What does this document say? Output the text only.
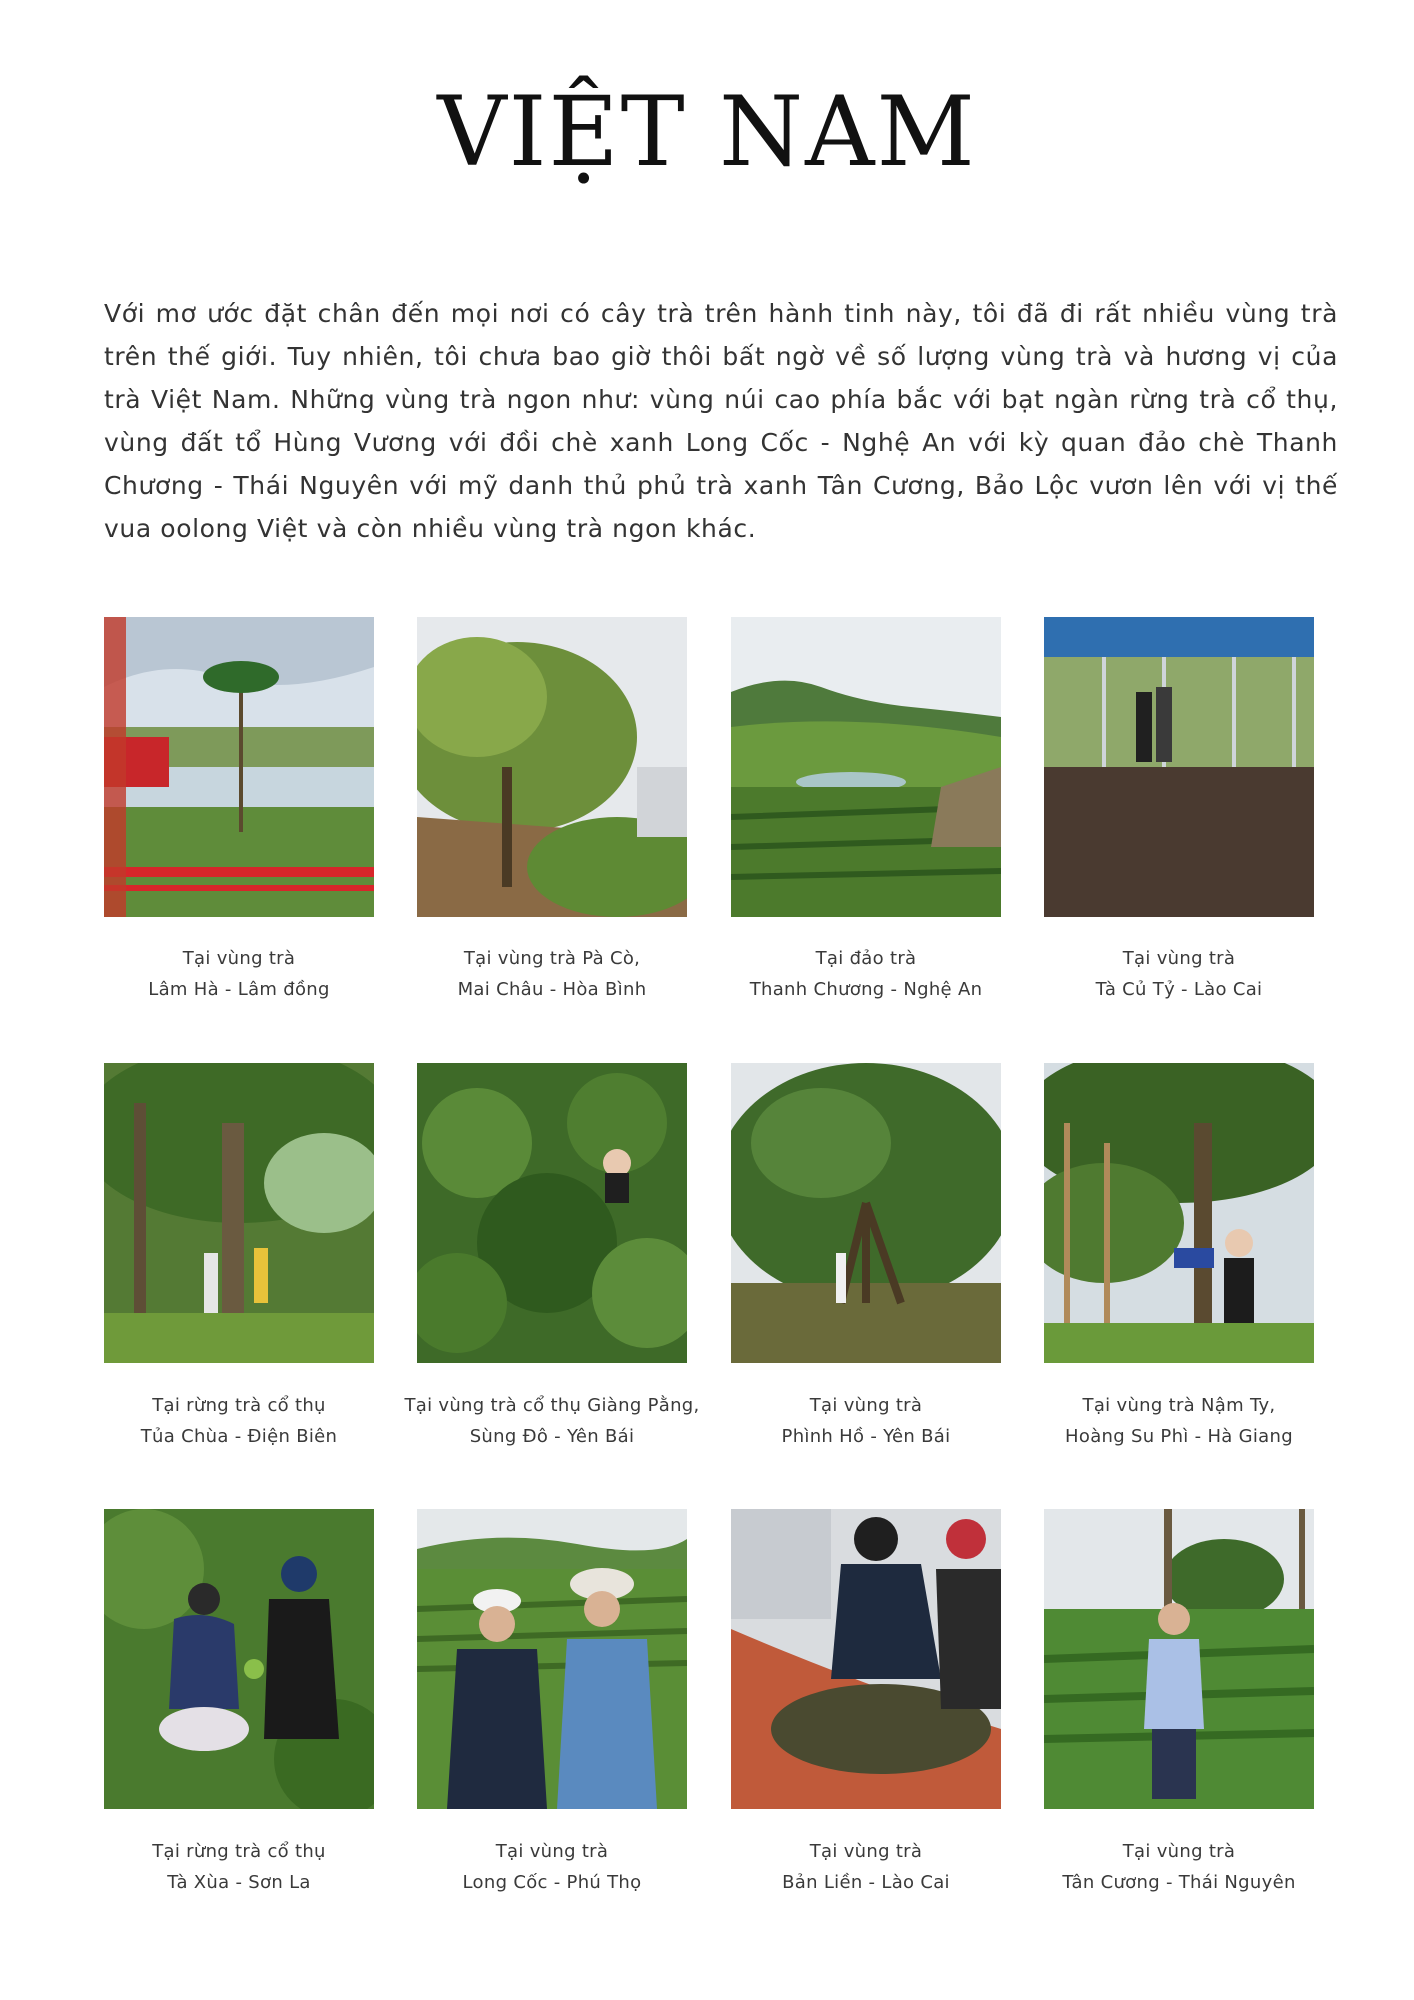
VIỆT NAM

Với mơ ước đặt chân đến mọi nơi có cây trà trên hành tinh này, tôi đã đi rất nhiều vùng trà trên thế giới. Tuy nhiên, tôi chưa bao giờ thôi bất ngờ về số lượng vùng trà và hương vị của trà Việt Nam. Những vùng trà ngon như: vùng núi cao phía bắc với bạt ngàn rừng trà cổ thụ, vùng đất tổ Hùng Vương với đồi chè xanh Long Cốc - Nghệ An với kỳ quan đảo chè Thanh Chương - Thái Nguyên với mỹ danh thủ phủ trà xanh Tân Cương, Bảo Lộc vươn lên với vị thế vua oolong Việt và còn nhiều vùng trà ngon khác.

Tại vùng trà
Lâm Hà - Lâm đồng
Tại vùng trà Pà Cò,
Mai Châu - Hòa Bình
Tại đảo trà
Thanh Chương - Nghệ An
Tại vùng trà
Tà Củ Tỷ - Lào Cai
Tại rừng trà cổ thụ
Tủa Chùa - Điện Biên
Tại vùng trà cổ thụ Giàng Pằng,
Sùng Đô - Yên Bái
Tại vùng trà
Phình Hồ - Yên Bái
Tại vùng trà Nậm Ty,
Hoàng Su Phì - Hà Giang
Tại rừng trà cổ thụ
Tà Xùa - Sơn La
Tại vùng trà
Long Cốc - Phú Thọ
Tại vùng trà
Bản Liền - Lào Cai
Tại vùng trà
Tân Cương - Thái Nguyên
